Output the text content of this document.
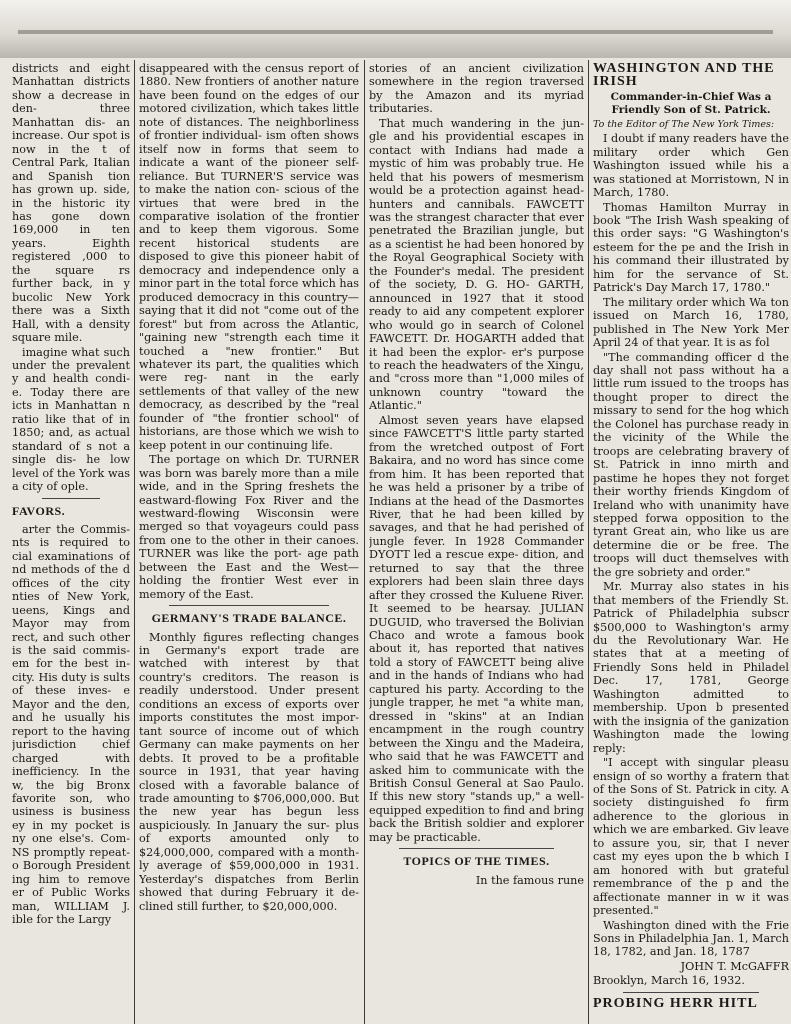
districts and eight Manhattan districts show a decrease in den- three Manhattan dis- an increase. Our spot is now in the t of Central Park, Italian and Spanish tion has grown up. side, in the historic ity has gone down 169,000 in ten years. Eighth registered ,000 to the square rs further back, in y bucolic New York there was a Sixth Hall, with a density square mile.

imagine what such under the prevalent y and health condi- e. Today there are icts in Manhattan n ratio like that of in 1850; and, as actual standard of s not a single dis- he low level of the York was a city of ople.

FAVORS.

arter the Commis- nts is required to cial examinations of nd methods of the d offices of the city nties of New York, ueens, Kings and Mayor may from rect, and such other is the said commis- em for the best in- city. His duty is sults of these inves- e Mayor and the den, and he usually his report to the having jurisdiction chief charged with inefficiency. In the w, the big Bronx favorite son, who usiness is business ey in my pocket is ny one else's. Com- NS promptly repeat- o Borough President ing him to remove er of Public Works man, WILLIAM J. ible for the Largy

disappeared with the census report of 1880. New frontiers of another nature have been found on the edges of our motored civilization, which takes little note of distances. The neighborliness of frontier individual- ism often shows itself now in forms that seem to indicate a want of the pioneer self-reliance. But TURNER'S service was to make the nation con- scious of the virtues that were bred in the comparative isolation of the frontier and to keep them vigorous. Some recent historical students are disposed to give this pioneer habit of democracy and independence only a minor part in the total force which has produced democracy in this country—saying that it did not "come out of the forest" but from across the Atlantic, "gaining new "strength each time it touched a "new frontier." But whatever its part, the qualities which were reg- nant in the early settlements of that valley of the new democracy, as described by the "real founder of "the frontier school" of historians, are those which we wish to keep potent in our continuing life.

The portage on which Dr. TURNER was born was barely more than a mile wide, and in the Spring freshets the eastward-flowing Fox River and the westward-flowing Wisconsin were merged so that voyageurs could pass from one to the other in their canoes. TURNER was like the port- age path between the East and the West—holding the frontier West ever in memory of the East.

GERMANY'S TRADE BALANCE.

Monthly figures reflecting changes in Germany's export trade are watched with interest by that country's creditors. The reason is readily understood. Under present conditions an excess of exports over imports constitutes the most impor- tant source of income out of which Germany can make payments on her debts. It proved to be a profitable source in 1931, that year having closed with a favorable balance of trade amounting to $706,000,000. But the new year has begun less auspiciously. In January the sur- plus of exports amounted only to $24,000,000, compared with a month- ly average of $59,000,000 in 1931. Yesterday's dispatches from Berlin showed that during February it de- clined still further, to $20,000,000.

stories of an ancient civilization somewhere in the region traversed by the Amazon and its myriad tributaries.

That much wandering in the jun- gle and his providential escapes in contact with Indians had made a mystic of him was probably true. He held that his powers of mesmerism would be a protection against head- hunters and cannibals. FAWCETT was the strangest character that ever penetrated the Brazilian jungle, but as a scientist he had been honored by the Royal Geographical Society with the Founder's medal. The president of the society, D. G. HO- GARTH, announced in 1927 that it stood ready to aid any competent explorer who would go in search of Colonel FAWCETT. Dr. HOGARTH added that it had been the explor- er's purpose to reach the headwaters of the Xingu, and "cross more than "1,000 miles of unknown country "toward the Atlantic."

Almost seven years have elapsed since FAWCETT'S little party started from the wretched outpost of Fort Bakaira, and no word has since come from him. It has been reported that he was held a prisoner by a tribe of Indians at the head of the Dasmortes River, that he had been killed by savages, and that he had perished of jungle fever. In 1928 Commander DYOTT led a rescue expe- dition, and returned to say that the three explorers had been slain three days after they crossed the Kuluene River. It seemed to be hearsay. JULIAN DUGUID, who traversed the Bolivian Chaco and wrote a famous book about it, has reported that natives told a story of FAWCETT being alive and in the hands of Indians who had captured his party. According to the jungle trapper, he met "a white man, dressed in "skins" at an Indian encampment in the rough country between the Xingu and the Madeira, who said that he was FAWCETT and asked him to communicate with the British Consul General at Sao Paulo. If this new story "stands up," a well- equipped expedition to find and bring back the British soldier and explorer may be practicable.

TOPICS OF THE TIMES.

In the famous rune

WASHINGTON AND THE IRISH

Commander-in-Chief Was a Friendly Son of St. Patrick.

To the Editor of The New York Times:

I doubt if many readers have the military order which Gen Washington issued while his a was stationed at Morristown, N in March, 1780.

Thomas Hamilton Murray in book "The Irish Wash speaking of this order says: "G Washington's esteem for the pe and the Irish in his command their illustrated by him for the servance of St. Patrick's Day March 17, 1780."

The military order which Wa ton issued on March 16, 1780, published in The New York Mer April 24 of that year. It is as fol

"The commanding officer d the day shall not pass without ha a little rum issued to the troops has thought proper to direct the missary to send for the hog which the Colonel has purchase ready in the vicinity of the While the troops are celebrating bravery of St. Patrick in inno mirth and pastime he hopes they not forget their worthy friends Kingdom of Ireland who with unanimity have stepped forwa opposition to the tyrant Great ain, who like us are determine die or be free. The troops will duct themselves with the gre sobriety and order."

Mr. Murray also states in his that members of the Friendly St. Patrick of Philadelphia subscr $500,000 to Washington's army du the Revolutionary War. He states that at a meeting of Friendly Sons held in Philadel Dec. 17, 1781, George Washington admitted to membership. Upon b presented with the insignia of the ganization Washington made the lowing reply:

"I accept with singular pleasu ensign of so worthy a fratern that of the Sons of St. Patrick in city. A society distinguished fo firm adherence to the glorious in which we are embarked. Giv leave to assure you, sir, that I never cast my eyes upon the b which I am honored with but grateful remembrance of the p and the affectionate manner in w it was presented."

Washington dined with the Frie Sons in Philadelphia Jan. 1, March 18, 1782, and Jan. 18, 1787

JOHN T. McGAFFR

Brooklyn, March 16, 1932.

PROBING HERR HITL
